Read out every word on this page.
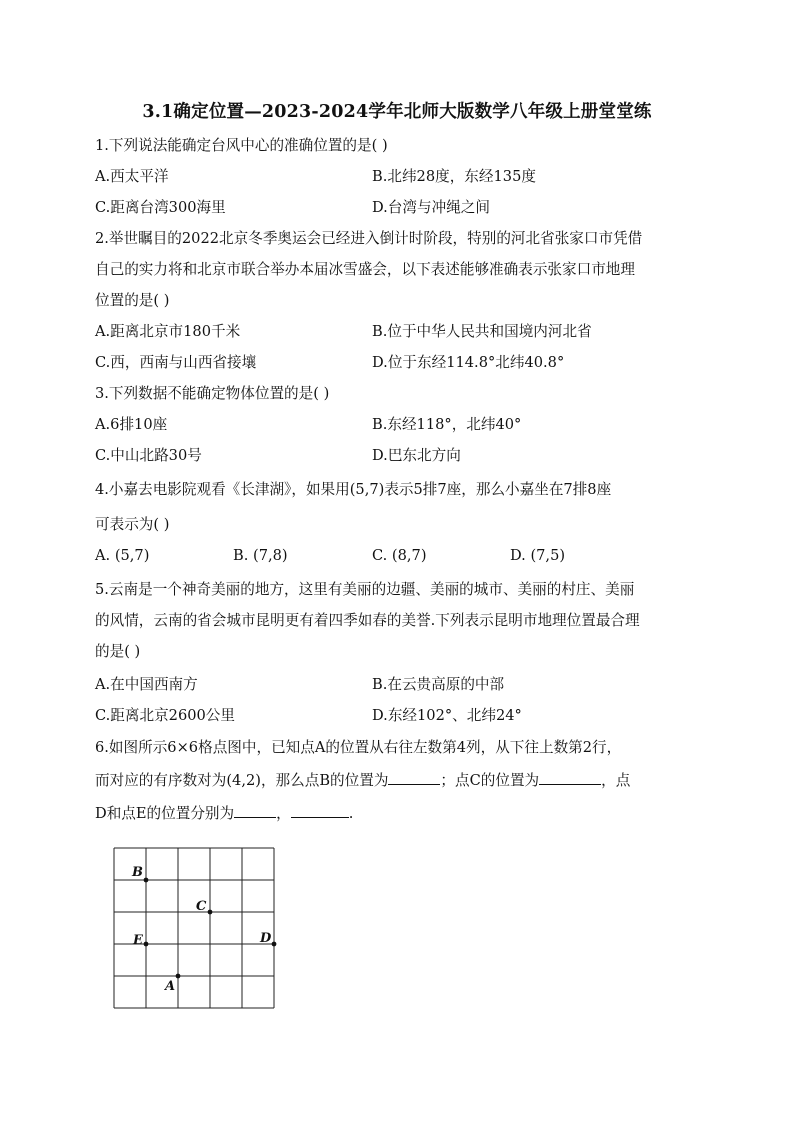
3.1确定位置—2023-2024学年北师大版数学八年级上册堂堂练
1.下列说法能确定台风中心的准确位置的是( )
A.西太平洋	B.北纬28度，东经135度
C.距离台湾300海里	D.台湾与冲绳之间
2.举世瞩目的2022北京冬季奥运会已经进入倒计时阶段，特别的河北省张家口市凭借
自己的实力将和北京市联合举办本届冰雪盛会，以下表述能够准确表示张家口市地理
位置的是( )
A.距离北京市180千米	B.位于中华人民共和国境内河北省
C.西，西南与山西省接壤	D.位于东经114.8°北纬40.8°
3.下列数据不能确定物体位置的是( )
A.6排10座	B.东经118°，北纬40°
C.中山北路30号	D.巴东北方向
4.小嘉去电影院观看《长津湖》，如果用(5,7)表示5排7座，那么小嘉坐在7排8座
可表示为( )
A. (5,7)	B. (7,8)	C. (8,7)	D. (7,5)
5.云南是一个神奇美丽的地方，这里有美丽的边疆、美丽的城市、美丽的村庄、美丽
的风情，云南的省会城市昆明更有着四季如春的美誉.下列表示昆明市地理位置最合理
的是( )
A.在中国西南方	B.在云贵高原的中部
C.距离北京2600公里	D.东经102°、北纬24°
6.如图所示6×6格点图中，已知点A的位置从右往左数第4列，从下往上数第2行，
而对应的有序数对为(4,2)，那么点B的位置为	；点C的位置为	，点
D和点E的位置分别为	，	.
B
C
E	D
A
